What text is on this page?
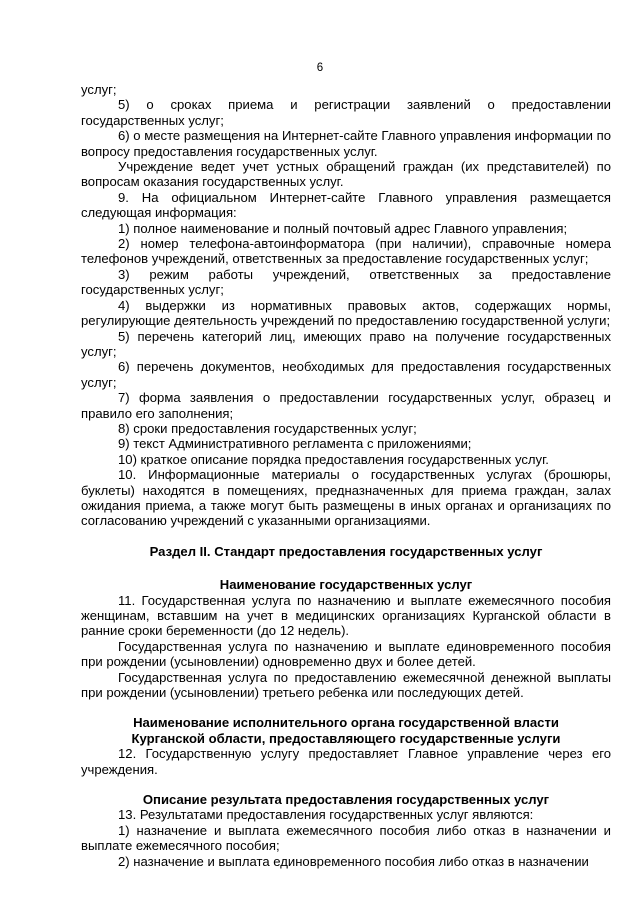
6

услуг;

5) о сроках приема и регистрации заявлений о предоставлении государственных услуг;

6) о месте размещения на Интернет-сайте Главного управления информации по вопросу предоставления государственных услуг.

Учреждение ведет учет устных обращений граждан (их представителей) по вопросам оказания государственных услуг.

9. На официальном Интернет-сайте Главного управления размещается следующая информация:

1) полное наименование и полный почтовый адрес Главного управления;

2) номер телефона-автоинформатора (при наличии), справочные номера телефонов учреждений, ответственных за предоставление государственных услуг;

3) режим работы учреждений, ответственных за предоставление государственных услуг;

4) выдержки из нормативных правовых актов, содержащих нормы, регулирующие деятельность учреждений по предоставлению государственной услуги;

5) перечень категорий лиц, имеющих право на получение государственных услуг;

6) перечень документов, необходимых для предоставления государственных услуг;

7) форма заявления о предоставлении государственных услуг, образец и правило его заполнения;

8) сроки предоставления государственных услуг;

9) текст Административного регламента с приложениями;

10) краткое описание порядка предоставления государственных услуг.

10. Информационные материалы о государственных услугах (брошюры, буклеты) находятся в помещениях, предназначенных для приема граждан, залах ожидания приема, а также могут быть размещены в иных органах и организациях по согласованию учреждений с указанными организациями.

Раздел II. Стандарт предоставления государственных услуг

Наименование государственных услуг

11. Государственная услуга по назначению и выплате ежемесячного пособия женщинам, вставшим на учет в медицинских организациях Курганской области в ранние сроки беременности (до 12 недель).

Государственная услуга по назначению и выплате единовременного пособия при рождении (усыновлении) одновременно двух и более детей.

Государственная услуга по предоставлению ежемесячной денежной выплаты при рождении (усыновлении) третьего ребенка или последующих детей.

Наименование исполнительного органа государственной власти

Курганской области, предоставляющего государственные услуги

12. Государственную услугу предоставляет Главное управление через его учреждения.

Описание результата предоставления государственных услуг

13. Результатами предоставления государственных услуг являются:

1) назначение и выплата ежемесячного пособия либо отказ в назначении и выплате ежемесячного пособия;

2) назначение и выплата единовременного пособия либо отказ в назначении
